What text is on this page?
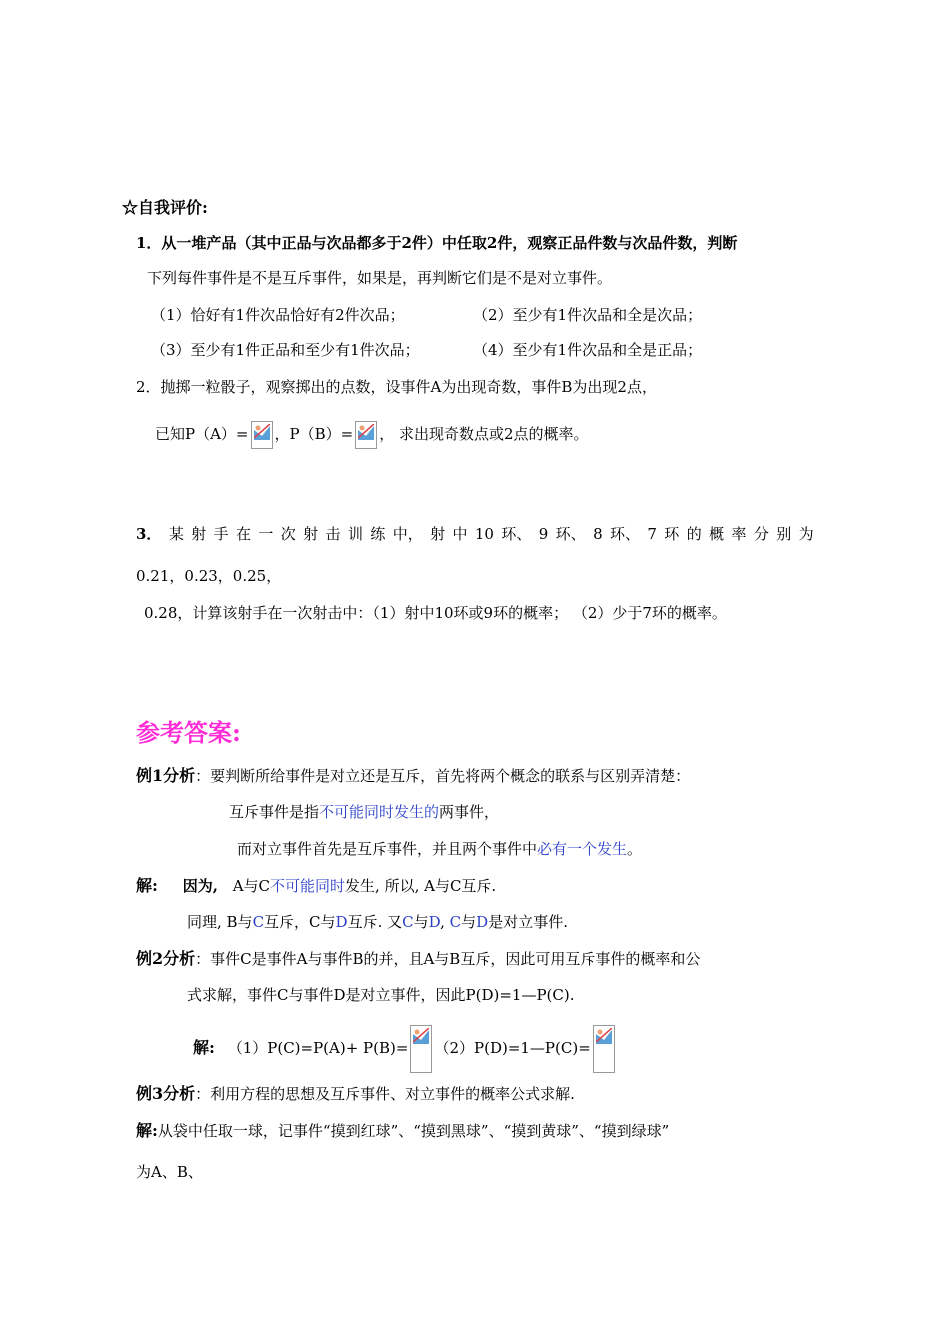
☆自我评价:
1．从一堆产品（其中正品与次品都多于2件）中任取2件，观察正品件数与次品件数，判断
下列每件事件是不是互斥事件，如果是，再判断它们是不是对立事件。
（1）恰好有1件次品恰好有2件次品；	（2）至少有1件次品和全是次品；
（3）至少有1件正品和至少有1件次品；	（4）至少有1件次品和全是正品；
2．抛掷一粒骰子，观察掷出的点数，设事件A为出现奇数，事件B为出现2点，
已知P（A）= ，P（B）= ， 求出现奇数点或2点的概率。
3． 某 射 手 在 一 次 射 击 训 练 中， 射 中 10 环、 9 环、 8 环、 7 环 的 概 率 分 别 为
0.21，0.23，0.25，
0.28，计算该射手在一次射击中：（1）射中10环或9环的概率； （2）少于7环的概率。
参考答案:
例1分析：要判断所给事件是对立还是互斥，首先将两个概念的联系与区别弄清楚：
互斥事件是指不可能同时发生的两事件，
而对立事件首先是互斥事件，并且两个事件中必有一个发生。
解: 因为, A与C不可能同时发生, 所以, A与C互斥.
同理, B与C互斥，C与D互斥. 又C与D, C与D是对立事件.
例2分析：事件C是事件A与事件B的并，且A与B互斥，因此可用互斥事件的概率和公
式求解，事件C与事件D是对立事件，因此P(D)=1—P(C).
解: （1）P(C)=P(A)+ P(B)= （2）P(D)=1—P(C)=
例3分析：利用方程的思想及互斥事件、对立事件的概率公式求解.
解:从袋中任取一球，记事件“摸到红球”、“摸到黑球”、“摸到黄球”、“摸到绿球”
为A、B、
